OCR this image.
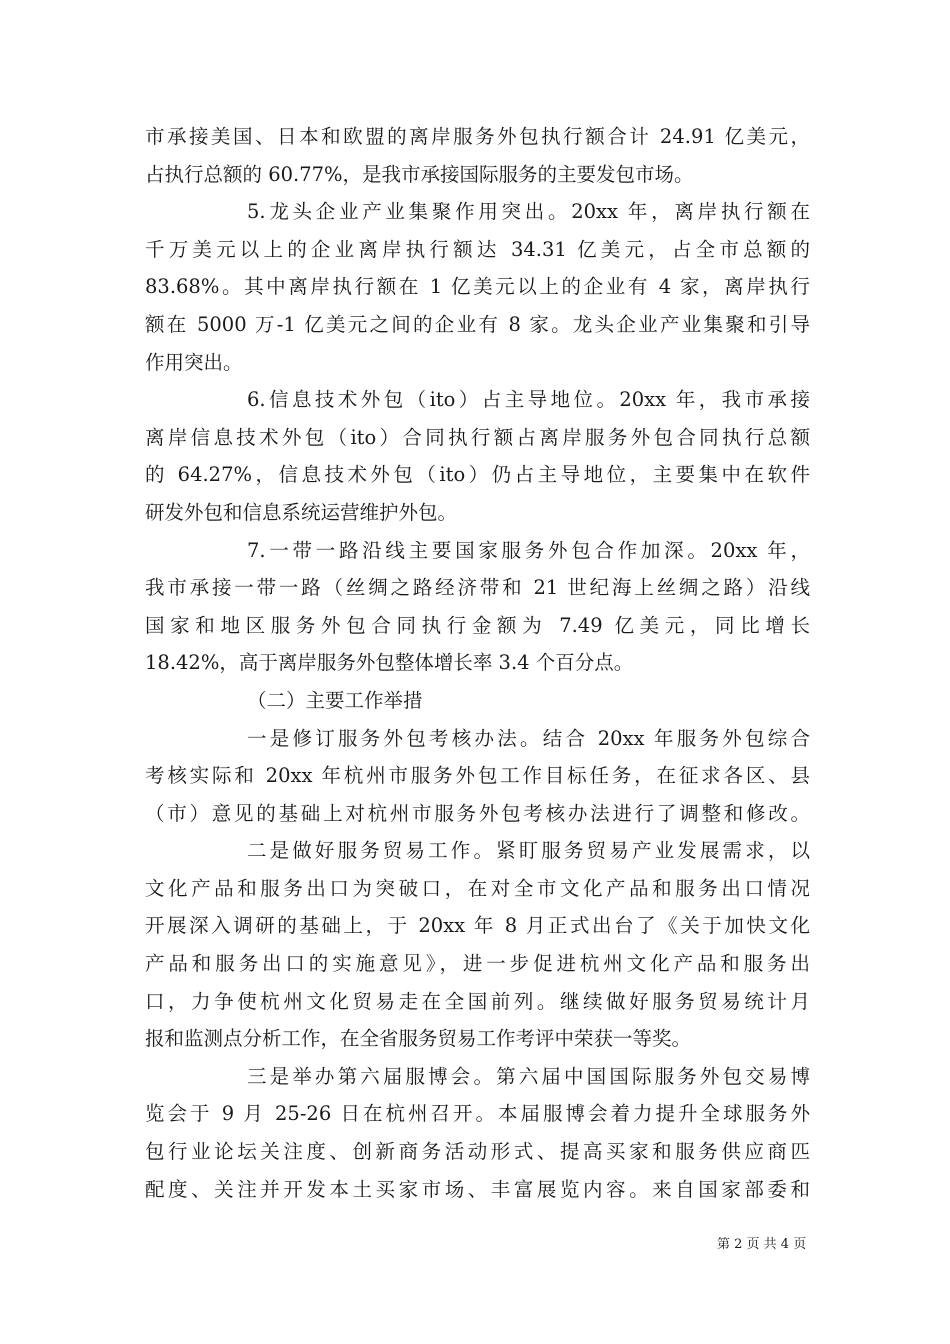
市承接美国、日本和欧盟的离岸服务外包执行额合计 24.91 亿美元，
占执行总额的 60.77%，是我市承接国际服务的主要发包市场。
5.龙头企业产业集聚作用突出。20xx 年，离岸执行额在
千万美元以上的企业离岸执行额达 34.31 亿美元，占全市总额的
83.68%。其中离岸执行额在 1 亿美元以上的企业有 4 家，离岸执行
额在 5000 万-1 亿美元之间的企业有 8 家。龙头企业产业集聚和引导
作用突出。
6.信息技术外包（ito）占主导地位。20xx 年，我市承接
离岸信息技术外包（ito）合同执行额占离岸服务外包合同执行总额
的 64.27%，信息技术外包（ito）仍占主导地位，主要集中在软件
研发外包和信息系统运营维护外包。
7.一带一路沿线主要国家服务外包合作加深。20xx 年，
我市承接一带一路（丝绸之路经济带和 21 世纪海上丝绸之路）沿线
国家和地区服务外包合同执行金额为 7.49 亿美元，同比增长
18.42%，高于离岸服务外包整体增长率 3.4 个百分点。
（二）主要工作举措
一是修订服务外包考核办法。结合 20xx 年服务外包综合
考核实际和 20xx 年杭州市服务外包工作目标任务，在征求各区、县
（市）意见的基础上对杭州市服务外包考核办法进行了调整和修改。
二是做好服务贸易工作。紧盯服务贸易产业发展需求，以
文化产品和服务出口为突破口，在对全市文化产品和服务出口情况
开展深入调研的基础上，于 20xx 年 8 月正式出台了《关于加快文化
产品和服务出口的实施意见》，进一步促进杭州文化产品和服务出
口，力争使杭州文化贸易走在全国前列。继续做好服务贸易统计月
报和监测点分析工作，在全省服务贸易工作考评中荣获一等奖。
三是举办第六届服博会。第六届中国国际服务外包交易博
览会于 9 月 25-26 日在杭州召开。本届服博会着力提升全球服务外
包行业论坛关注度、创新商务活动形式、提高买家和服务供应商匹
配度、关注并开发本土买家市场、丰富展览内容。来自国家部委和
第 2 页 共 4 页
